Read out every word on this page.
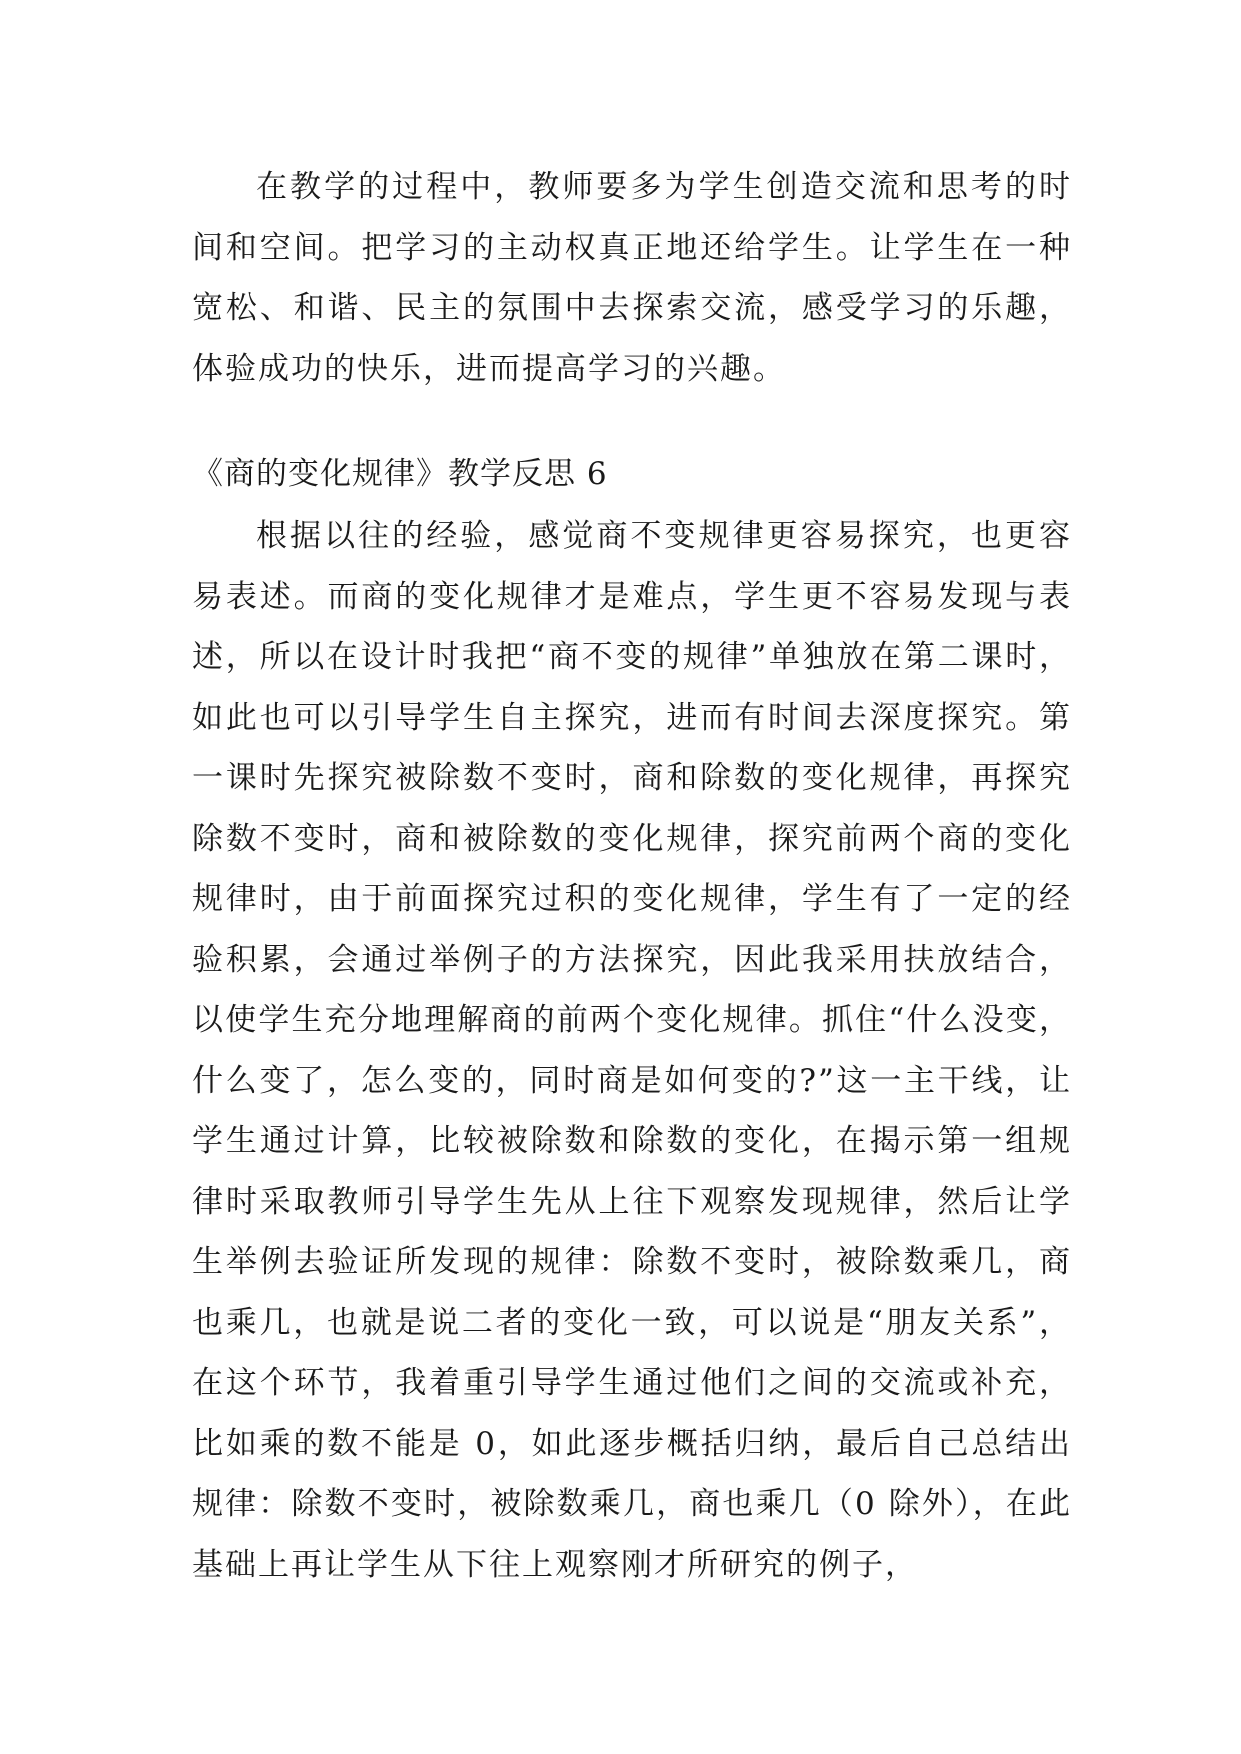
在教学的过程中，教师要多为学生创造交流和思考的时间和空间。把学习的主动权真正地还给学生。让学生在一种宽松、和谐、民主的氛围中去探索交流，感受学习的乐趣，体验成功的快乐，进而提高学习的兴趣。

《商的变化规律》教学反思 6

根据以往的经验，感觉商不变规律更容易探究，也更容易表述。而商的变化规律才是难点，学生更不容易发现与表述，所以在设计时我把“商不变的规律”单独放在第二课时，如此也可以引导学生自主探究，进而有时间去深度探究。第一课时先探究被除数不变时，商和除数的变化规律，再探究除数不变时，商和被除数的变化规律，探究前两个商的变化规律时，由于前面探究过积的变化规律，学生有了一定的经验积累，会通过举例子的方法探究，因此我采用扶放结合，以使学生充分地理解商的前两个变化规律。抓住“什么没变，什么变了，怎么变的，同时商是如何变的?”这一主干线，让学生通过计算，比较被除数和除数的变化，在揭示第一组规律时采取教师引导学生先从上往下观察发现规律，然后让学生举例去验证所发现的规律：除数不变时，被除数乘几，商也乘几，也就是说二者的变化一致，可以说是“朋友关系”，在这个环节，我着重引导学生通过他们之间的交流或补充，比如乘的数不能是 0，如此逐步概括归纳，最后自己总结出规律：除数不变时，被除数乘几，商也乘几（0 除外），在此基础上再让学生从下往上观察刚才所研究的例子，
